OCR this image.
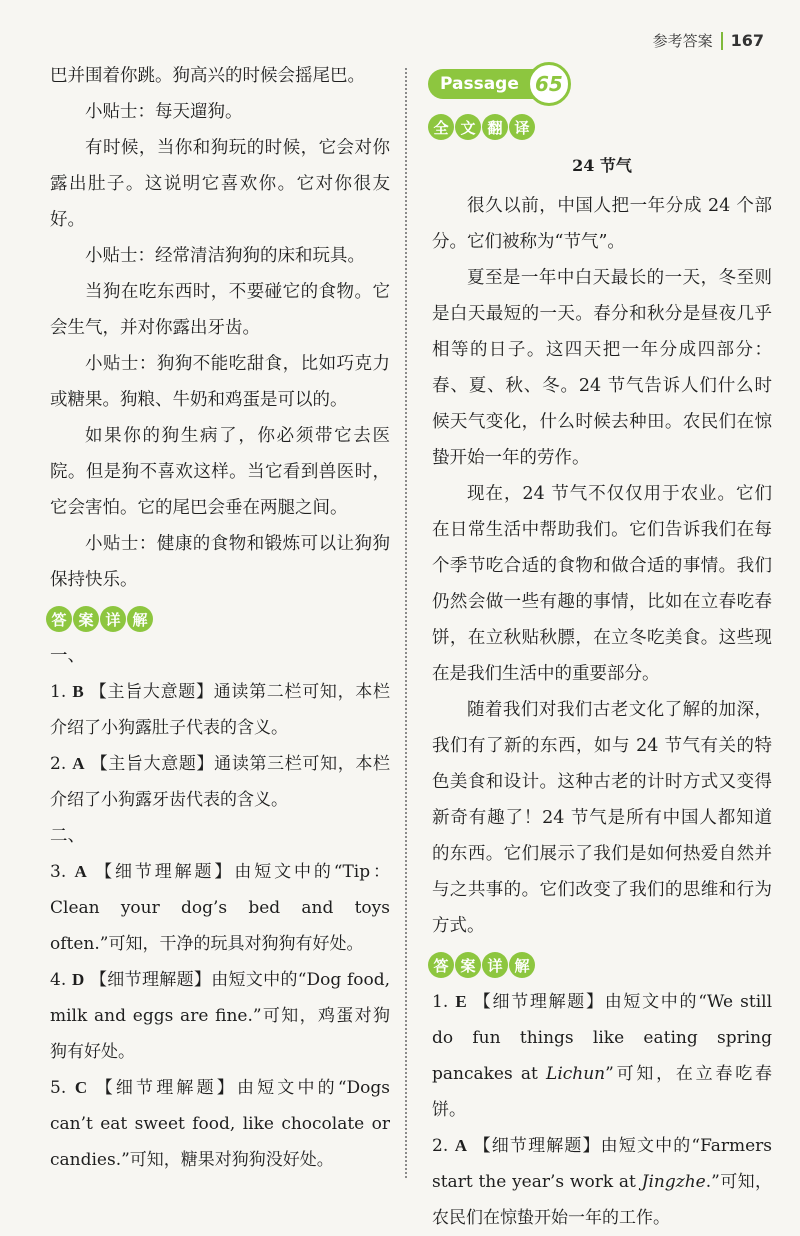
参考答案 167

巴并围着你跳。狗高兴的时候会摇尾巴。

小贴士：每天遛狗。

有时候，当你和狗玩的时候，它会对你露出肚子。这说明它喜欢你。它对你很友好。

小贴士：经常清洁狗狗的床和玩具。

当狗在吃东西时，不要碰它的食物。它会生气，并对你露出牙齿。

小贴士：狗狗不能吃甜食，比如巧克力或糖果。狗粮、牛奶和鸡蛋是可以的。

如果你的狗生病了，你必须带它去医院。但是狗不喜欢这样。当它看到兽医时，它会害怕。它的尾巴会垂在两腿之间。

小贴士：健康的食物和锻炼可以让狗狗保持快乐。

答 案 详 解

一、

1. B 【主旨大意题】通读第二栏可知，本栏介绍了小狗露肚子代表的含义。

2. A 【主旨大意题】通读第三栏可知，本栏介绍了小狗露牙齿代表的含义。

二、

3. A 【细节理解题】由短文中的“Tip：Clean your dog’s bed and toys often.”可知，干净的玩具对狗狗有好处。

4. D 【细节理解题】由短文中的“Dog food, milk and eggs are fine.”可知，鸡蛋对狗狗有好处。

5. C 【细节理解题】由短文中的“Dogs can’t eat sweet food, like chocolate or candies.”可知，糖果对狗狗没好处。

Passage 65
全 文 翻 译

24 节气

很久以前，中国人把一年分成 24 个部分。它们被称为“节气”。

夏至是一年中白天最长的一天，冬至则是白天最短的一天。春分和秋分是昼夜几乎相等的日子。这四天把一年分成四部分：春、夏、秋、冬。24 节气告诉人们什么时候天气变化，什么时候去种田。农民们在惊蛰开始一年的劳作。

现在，24 节气不仅仅用于农业。它们在日常生活中帮助我们。它们告诉我们在每个季节吃合适的食物和做合适的事情。我们仍然会做一些有趣的事情，比如在立春吃春饼，在立秋贴秋膘，在立冬吃美食。这些现在是我们生活中的重要部分。

随着我们对我们古老文化了解的加深，我们有了新的东西，如与 24 节气有关的特色美食和设计。这种古老的计时方式又变得新奇有趣了！24 节气是所有中国人都知道的东西。它们展示了我们是如何热爱自然并与之共事的。它们改变了我们的思维和行为方式。

答 案 详 解

1. E 【细节理解题】由短文中的“We still do fun things like eating spring pancakes at Lichun”可知，在立春吃春饼。

2. A 【细节理解题】由短文中的“Farmers start the year’s work at Jingzhe.”可知，农民们在惊蛰开始一年的工作。
